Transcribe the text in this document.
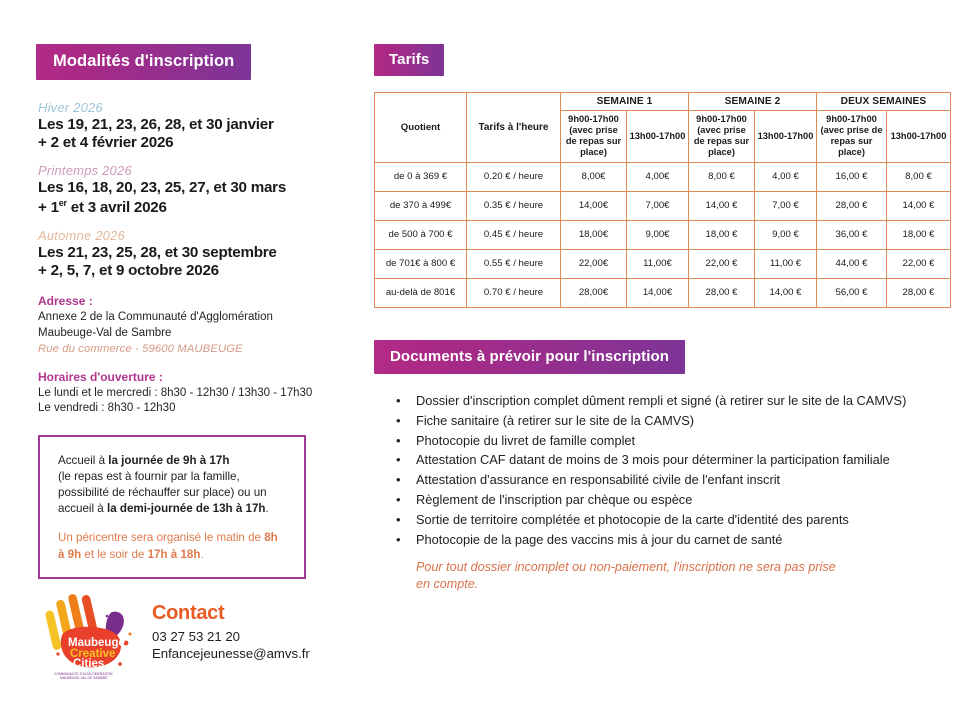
Modalités d'inscription
Hiver 2026
Les 19, 21, 23, 26, 28, et 30 janvier
+ 2 et 4 février 2026
Printemps 2026
Les 16, 18, 20, 23, 25, 27, et 30 mars
+ 1er et 3 avril 2026
Automne 2026
Les 21, 23, 25, 28, et 30 septembre
+ 2, 5, 7, et 9 octobre 2026
Adresse :
Annexe 2 de la Communauté d'Agglomération
Maubeuge-Val de Sambre
Rue du commerce - 59600 MAUBEUGE
Horaires d'ouverture :
Le lundi et le mercredi : 8h30 - 12h30 / 13h30 - 17h30
Le vendredi : 8h30 - 12h30

Accueil à la journée de 9h à 17h
(le repas est à fournir par la famille,
possibilité de réchauffer sur place) ou un
accueil à la demi-journée de 13h à 17h.

Un péricentre sera organisé le matin de 8h
à 9h et le soir de 17h à 18h.

Maubeuge
Creative
Cities
COMMUNAUTE D'AGGLOMERATION
MAUBEUGE-VAL DE SAMBRE
Contact
03 27 53 21 20
Enfancejeunesse@amvs.fr
Tarifs
Quotient	Tarifs à l'heure	SEMAINE 1		SEMAINE 2		DEUX SEMAINES	
		9h00-17h00 (avec prise de repas sur place)	13h00-17h00	9h00-17h00 (avec prise de repas sur place)	13h00-17h00	9h00-17h00 (avec prise de repas sur place)	13h00-17h00
de 0 à 369 €	0.20 € / heure	8,00€	4,00€	8,00 €	4,00 €	16,00 €	8,00 €
de 370 à 499€	0.35 € / heure	14,00€	7,00€	14,00 €	7,00 €	28,00 €	14,00 €
de 500 à 700 €	0.45 € / heure	18,00€	9,00€	18,00 €	9,00 €	36,00 €	18,00 €
de 701€ à 800 €	0.55 € / heure	22,00€	11,00€	22,00 €	11,00 €	44,00 €	22,00 €
au-delà de 801€	0.70 € / heure	28,00€	14,00€	28,00 €	14,00 €	56,00 €	28,00 €
Documents à prévoir pour l'inscription
• Dossier d'inscription complet dûment rempli et signé (à retirer sur le site de la CAMVS)
• Fiche sanitaire (à retirer sur le site de la CAMVS)
• Photocopie du livret de famille complet
• Attestation CAF datant de moins de 3 mois pour déterminer la participation familiale
• Attestation d'assurance en responsabilité civile de l'enfant inscrit
• Règlement de l'inscription par chèque ou espèce
• Sortie de territoire complétée et photocopie de la carte d'identité des parents
• Photocopie de la page des vaccins mis à jour du carnet de santé
Pour tout dossier incomplet ou non-paiement, l'inscription ne sera pas prise en compte.
